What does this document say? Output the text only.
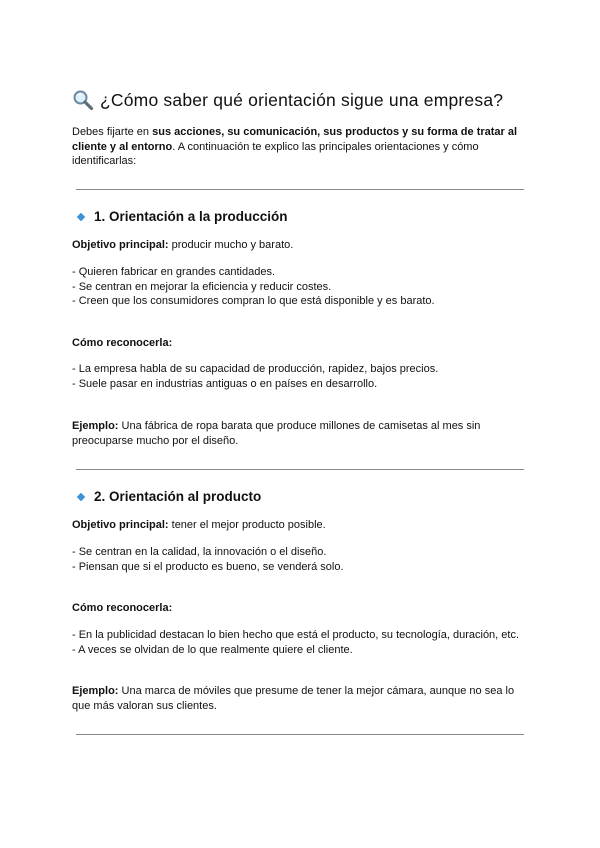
¿Cómo saber qué orientación sigue una empresa?
Debes fijarte en sus acciones, su comunicación, sus productos y su forma de tratar al cliente y al entorno. A continuación te explico las principales orientaciones y cómo identificarlas:
1. Orientación a la producción
Objetivo principal: producir mucho y barato.
- Quieren fabricar en grandes cantidades.
- Se centran en mejorar la eficiencia y reducir costes.
- Creen que los consumidores compran lo que está disponible y es barato.
Cómo reconocerla:
- La empresa habla de su capacidad de producción, rapidez, bajos precios.
- Suele pasar en industrias antiguas o en países en desarrollo.
Ejemplo: Una fábrica de ropa barata que produce millones de camisetas al mes sin preocuparse mucho por el diseño.
2. Orientación al producto
Objetivo principal: tener el mejor producto posible.
- Se centran en la calidad, la innovación o el diseño.
- Piensan que si el producto es bueno, se venderá solo.
Cómo reconocerla:
- En la publicidad destacan lo bien hecho que está el producto, su tecnología, duración, etc.
- A veces se olvidan de lo que realmente quiere el cliente.
Ejemplo: Una marca de móviles que presume de tener la mejor cámara, aunque no sea lo que más valoran sus clientes.
